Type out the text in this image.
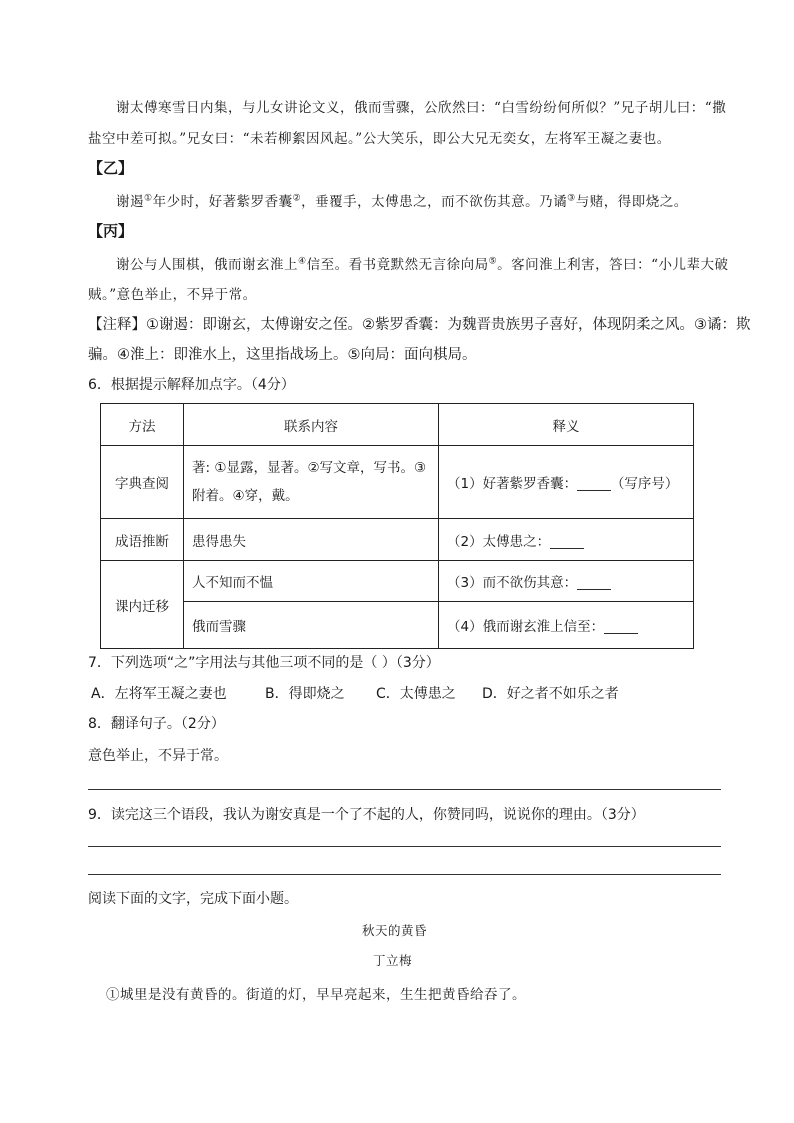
谢太傅寒雪日内集，与儿女讲论文义，俄而雪骤，公欣然曰：“白雪纷纷何所似？”兄子胡儿曰：“撒
盐空中差可拟。”兄女曰：“未若柳絮因风起。”公大笑乐，即公大兄无奕女，左将军王凝之妻也。
【乙】
谢遏①年少时，好著紫罗香囊②，垂覆手，太傅患之，而不欲伤其意。乃谲③与赌，得即烧之。
【丙】
谢公与人围棋，俄而谢玄淮上④信至。看书竟默然无言徐向局⑤。客问淮上利害，答曰：“小儿辈大破
贼。”意色举止，不异于常。
【注释】①谢遏：即谢玄，太傅谢安之侄。②紫罗香囊：为魏晋贵族男子喜好，体现阴柔之风。③谲：欺
骗。④淮上：即淮水上，这里指战场上。⑤向局：面向棋局。
6．根据提示解释加点字。（4分）
方法	联系内容	释义
字典查阅	著: ①显露，显著。②写文章，写书。③
附着。④穿，戴。	（1）好著紫罗香囊：_____（写序号）
成语推断	患得患失	（2）太傅患之：_____
课内迁移	人不知而不愠	（3）而不欲伤其意：_____
	俄而雪骤	（4）俄而谢玄淮上信至：_____
7．下列选项“之”字用法与其他三项不同的是（ ）（3分）
A．左将军王凝之妻也	B．得即烧之 C．太傅患之 D．好之者不如乐之者
8．翻译句子。（2分）
意色举止，不异于常。
9．读完这三个语段，我认为谢安真是一个了不起的人，你赞同吗，说说你的理由。（3分）
阅读下面的文字，完成下面小题。
秋天的黄昏
丁立梅
①城里是没有黄昏的。街道的灯，早早亮起来，生生把黄昏给吞了。
